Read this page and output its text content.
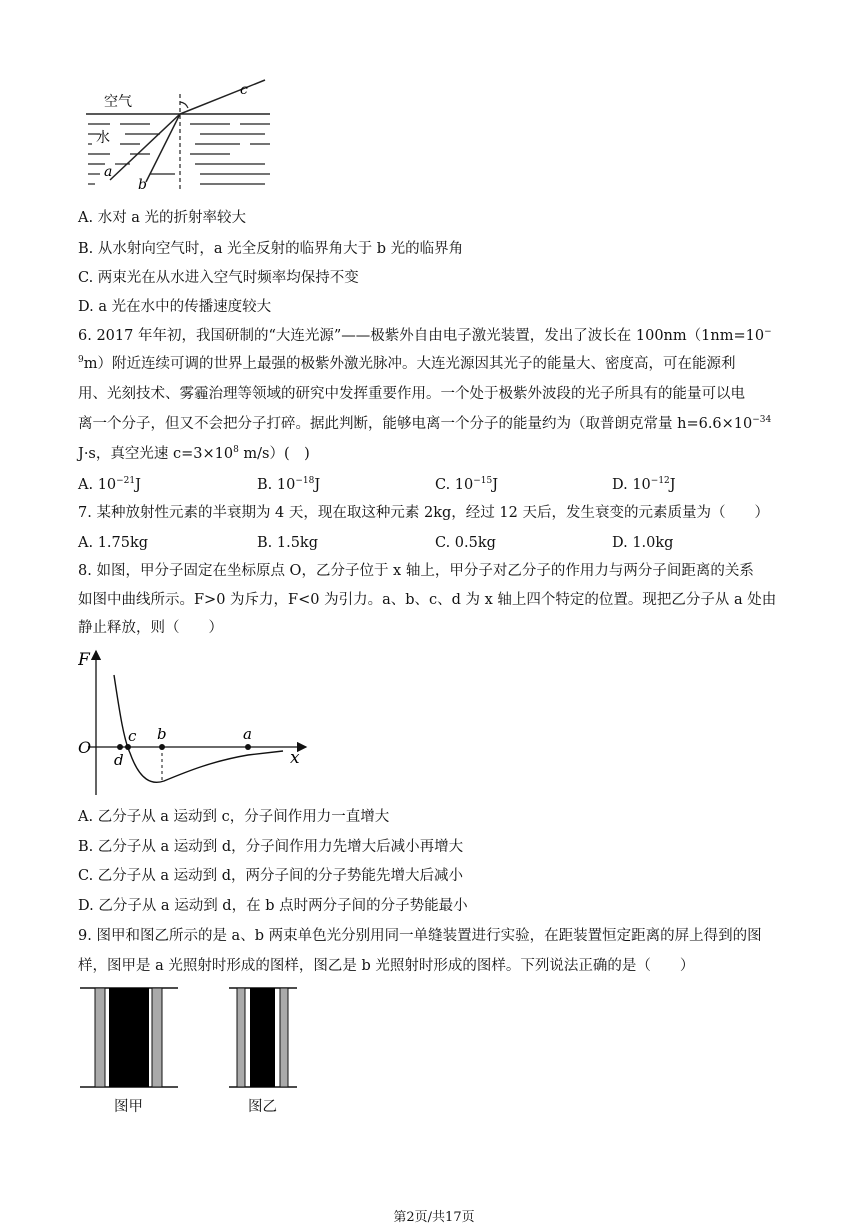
空气
水
a
b
c
A. 水对 a 光的折射率较大
B. 从水射向空气时，a 光全反射的临界角大于 b 光的临界角
C. 两束光在从水进入空气时频率均保持不变
D. a 光在水中的传播速度较大
6. 2017 年年初，我国研制的“大连光源”——极紫外自由电子激光装置，发出了波长在 100nm（1nm=10−
$^9$m）附近连续可调的世界上最强的极紫外激光脉冲。大连光源因其光子的能量大、密度高，可在能源利
用、光刻技术、雾霾治理等领域的研究中发挥重要作用。一个处于极紫外波段的光子所具有的能量可以电
离一个分子，但又不会把分子打碎。据此判断，能够电离一个分子的能量约为（取普朗克常量 $h=6.6\times 10^{-34}$
J·s，真空光速 $c=3\times 10^8$ m/s）(　)
A. $10^{-21}J$	B. $10^{-18}J$	C. $10^{-15}J$	D. $10^{-12}J$
7. 某种放射性元素的半衰期为 4 天，现在取这种元素 2kg，经过 12 天后，发生衰变的元素质量为（　　）
A. 1.75kg	B. 1.5kg	C. 0.5kg	D. 1.0kg
8. 如图，甲分子固定在坐标原点 O，乙分子位于 x 轴上，甲分子对乙分子的作用力与两分子间距离的关系
如图中曲线所示。F>0 为斥力，F<0 为引力。a、b、c、d 为 x 轴上四个特定的位置。现把乙分子从 a 处由
静止释放，则（　　）
F
O
x
c
d
b	a
A. 乙分子从 a 运动到 c，分子间作用力一直增大
B. 乙分子从 a 运动到 d，分子间作用力先增大后减小再增大
C. 乙分子从 a 运动到 d，两分子间的分子势能先增大后减小
D. 乙分子从 a 运动到 d，在 b 点时两分子间的分子势能最小
9. 图甲和图乙所示的是 a、b 两束单色光分别用同一单缝装置进行实验，在距装置恒定距离的屏上得到的图
样，图甲是 a 光照射时形成的图样，图乙是 b 光照射时形成的图样。下列说法正确的是（　　）
图甲	图乙
第2页/共17页
